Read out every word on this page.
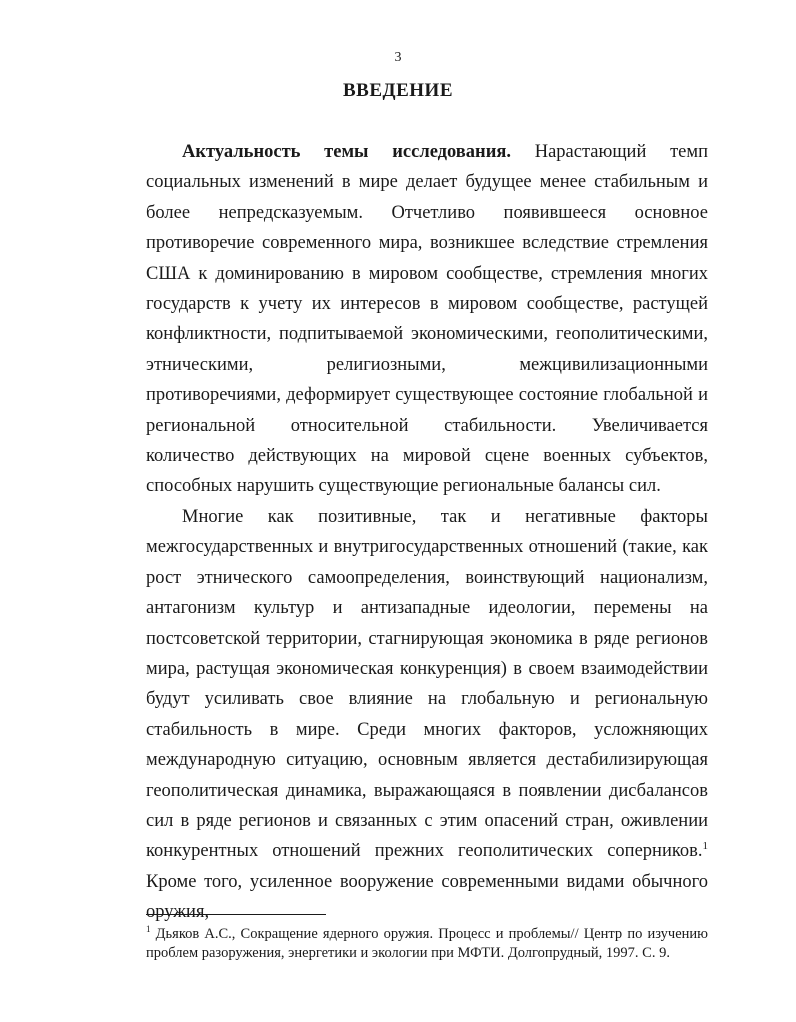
3
ВВЕДЕНИЕ

Актуальность темы исследования. Нарастающий темп социальных изменений в мире делает будущее менее стабильным и более непредсказуемым. Отчетливо появившееся основное противоречие современного мира, возникшее вследствие стремления США к доминированию в мировом сообществе, стремления многих государств к учету их интересов в мировом сообществе, растущей конфликтности, подпитываемой экономическими, геополитическими, этническими, религиозными, межцивилизационными противоречиями, деформирует существующее состояние глобальной и региональной относительной стабильности. Увеличивается количество действующих на мировой сцене военных субъектов, способных нарушить существующие региональные балансы сил.

Многие как позитивные, так и негативные факторы межгосударственных и внутригосударственных отношений (такие, как рост этнического самоопределения, воинствующий национализм, антагонизм культур и антизападные идеологии, перемены на постсоветской территории, стагнирующая экономика в ряде регионов мира, растущая экономическая конкуренция) в своем взаимодействии будут усиливать свое влияние на глобальную и региональную стабильность в мире. Среди многих факторов, усложняющих международную ситуацию, основным является дестабилизирующая геополитическая динамика, выражающаяся в появлении дисбалансов сил в ряде регионов и связанных с этим опасений стран, оживлении конкурентных отношений прежних геополитических соперников.$^1$ Кроме того, усиленное вооружение современными видами обычного оружия,

$^1$ Дьяков А.С., Сокращение ядерного оружия. Процесс и проблемы// Центр по изучению проблем разоружения, энергетики и экологии при МФТИ. Долгопрудный, 1997. С. 9.
